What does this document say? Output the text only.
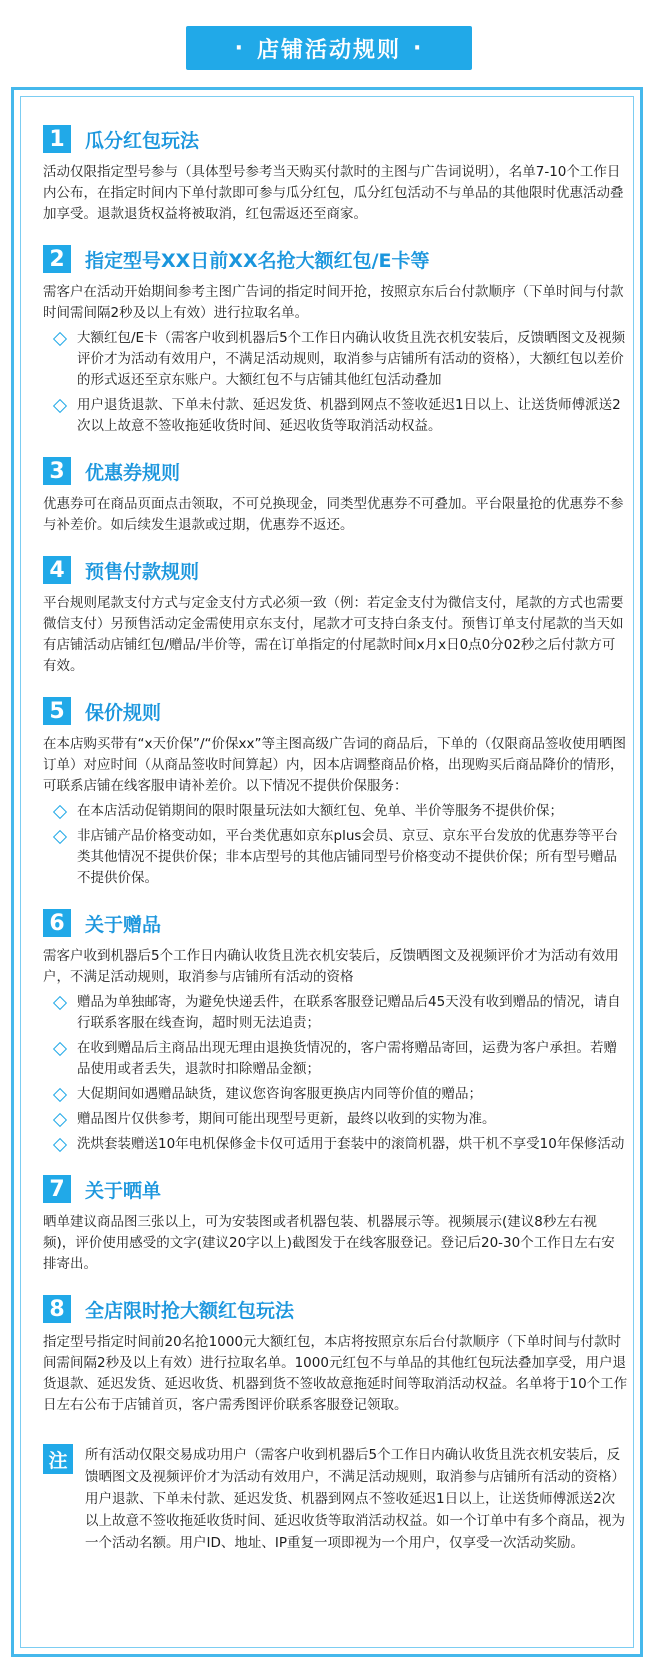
· 店铺活动规则 ·
1	瓜分红包玩法

活动仅限指定型号参与（具体型号参考当天购买付款时的主图与广告词说明），名单7-10个工作日内公布，在指定时间内下单付款即可参与瓜分红包，瓜分红包活动不与单品的其他限时优惠活动叠加享受。退款退货权益将被取消，红包需返还至商家。

2	指定型号XX日前XX名抢大额红包/E卡等

需客户在活动开始期间参考主图广告词的指定时间开抢，按照京东后台付款顺序（下单时间与付款时间需间隔2秒及以上有效）进行拉取名单。

大额红包/E卡（需客户收到机器后5个工作日内确认收货且洗衣机安装后，反馈晒图文及视频评价才为活动有效用户，不满足活动规则，取消参与店铺所有活动的资格），大额红包以差价的形式返还至京东账户。大额红包不与店铺其他红包活动叠加

用户退货退款、下单未付款、延迟发货、机器到网点不签收延迟1日以上、让送货师傅派送2次以上故意不签收拖延收货时间、延迟收货等取消活动权益。

3	优惠券规则

优惠券可在商品页面点击领取，不可兑换现金，同类型优惠券不可叠加。平台限量抢的优惠券不参与补差价。如后续发生退款或过期，优惠券不返还。

4	预售付款规则

平台规则尾款支付方式与定金支付方式必须一致（例：若定金支付为微信支付，尾款的方式也需要微信支付）另预售活动定金需使用京东支付，尾款才可支持白条支付。预售订单支付尾款的当天如有店铺活动店铺红包/赠品/半价等，需在订单指定的付尾款时间x月x日0点0分02秒之后付款方可有效。

5	保价规则

在本店购买带有“x天价保”/“价保xx”等主图高级广告词的商品后，下单的（仅限商品签收使用晒图订单）对应时间（从商品签收时间算起）内，因本店调整商品价格，出现购买后商品降价的情形，可联系店铺在线客服申请补差价。以下情况不提供价保服务：

在本店活动促销期间的限时限量玩法如大额红包、免单、半价等服务不提供价保；

非店铺产品价格变动如，平台类优惠如京东plus会员、京豆、京东平台发放的优惠券等平台类其他情况不提供价保；非本店型号的其他店铺同型号价格变动不提供价保；所有型号赠品不提供价保。

6	关于赠品

需客户收到机器后5个工作日内确认收货且洗衣机安装后，反馈晒图文及视频评价才为活动有效用户，不满足活动规则，取消参与店铺所有活动的资格

赠品为单独邮寄，为避免快递丢件，在联系客服登记赠品后45天没有收到赠品的情况，请自行联系客服在线查询，超时则无法追责；

在收到赠品后主商品出现无理由退换货情况的，客户需将赠品寄回，运费为客户承担。若赠品使用或者丢失，退款时扣除赠品金额；

大促期间如遇赠品缺货，建议您咨询客服更换店内同等价值的赠品；

赠品图片仅供参考，期间可能出现型号更新，最终以收到的实物为准。

洗烘套装赠送10年电机保修金卡仅可适用于套装中的滚筒机器，烘干机不享受10年保修活动

7	关于晒单

晒单建议商品图三张以上，可为安装图或者机器包装、机器展示等。视频展示(建议8秒左右视频)，评价使用感受的文字(建议20字以上)截图发于在线客服登记。登记后20-30个工作日左右安排寄出。

8	全店限时抢大额红包玩法

指定型号指定时间前20名抢1000元大额红包，本店将按照京东后台付款顺序（下单时间与付款时间需间隔2秒及以上有效）进行拉取名单。1000元红包不与单品的其他红包玩法叠加享受，用户退货退款、延迟发货、延迟收货、机器到货不签收故意拖延时间等取消活动权益。名单将于10个工作日左右公布于店铺首页，客户需秀图评价联系客服登记领取。

注	所有活动仅限交易成功用户（需客户收到机器后5个工作日内确认收货且洗衣机安装后，反馈晒图文及视频评价才为活动有效用户，不满足活动规则，取消参与店铺所有活动的资格）用户退款、下单未付款、延迟发货、机器到网点不签收延迟1日以上，让送货师傅派送2次以上故意不签收拖延收货时间、延迟收货等取消活动权益。如一个订单中有多个商品，视为一个活动名额。用户ID、地址、IP重复一项即视为一个用户，仅享受一次活动奖励。
